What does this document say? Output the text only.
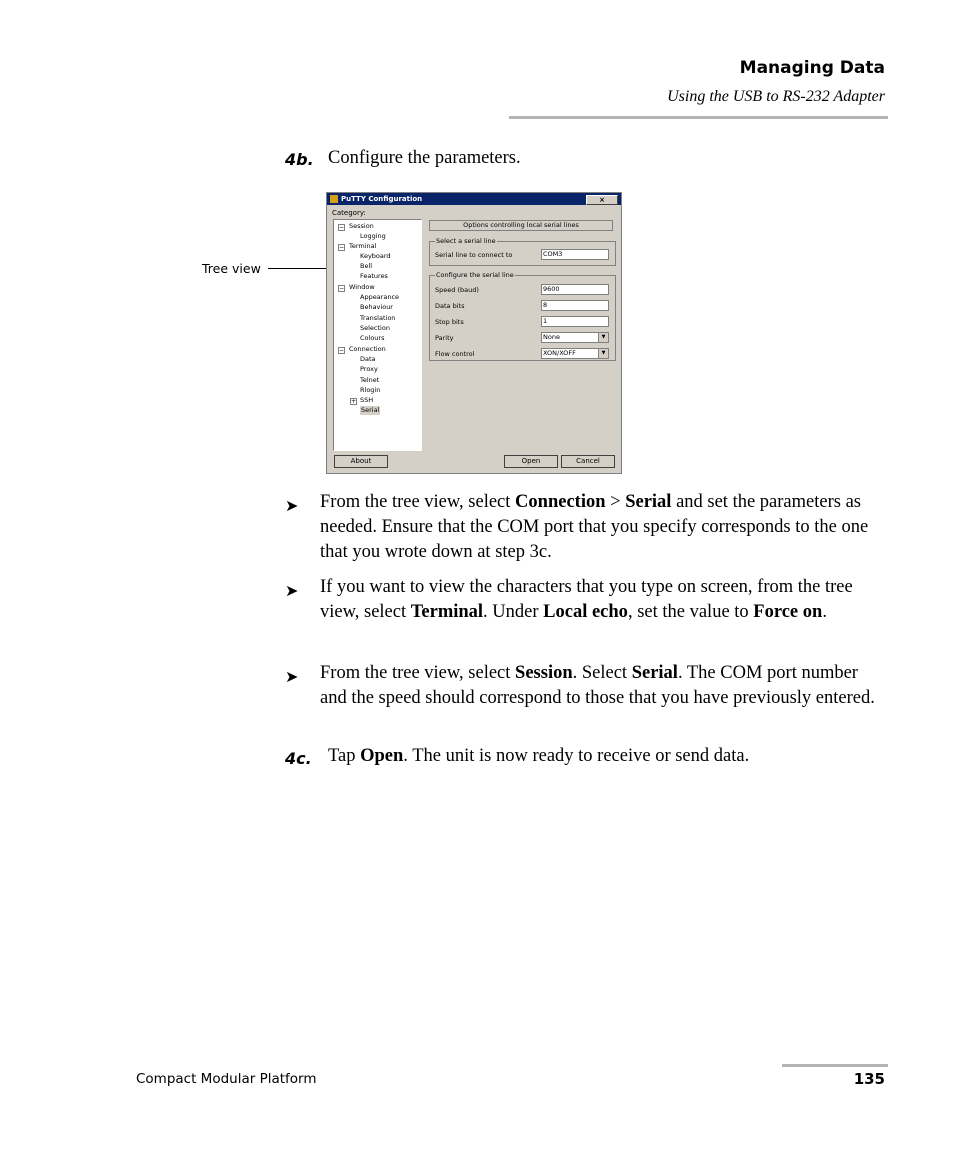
Managing Data
Using the USB to RS-232 Adapter
4b. Configure the parameters.
Tree view
PuTTY Configuration	×
Category:
− Session
Logging
− Terminal
Keyboard
Bell
Features
− Window
Appearance
Behaviour
Translation
Selection
Colours
− Connection
Data
Proxy
Telnet
Rlogin
+ SSH
Serial
Options controlling local serial lines
Select a serial line
Serial line to connect to	COM3
Configure the serial line
Speed (baud)	9600
Data bits	8
Stop bits	1
Parity	None	▼
Flow control	XON/XOFF	▼
About	Open	Cancel
➤ From the tree view, select Connection > Serial and set the parameters as needed. Ensure that the COM port that you specify corresponds to the one that you wrote down at step 3c.
➤ If you want to view the characters that you type on screen, from the tree view, select Terminal. Under Local echo, set the value to Force on.
➤ From the tree view, select Session. Select Serial. The COM port number and the speed should correspond to those that you have previously entered.
4c. Tap Open. The unit is now ready to receive or send data.
Compact Modular Platform	135
